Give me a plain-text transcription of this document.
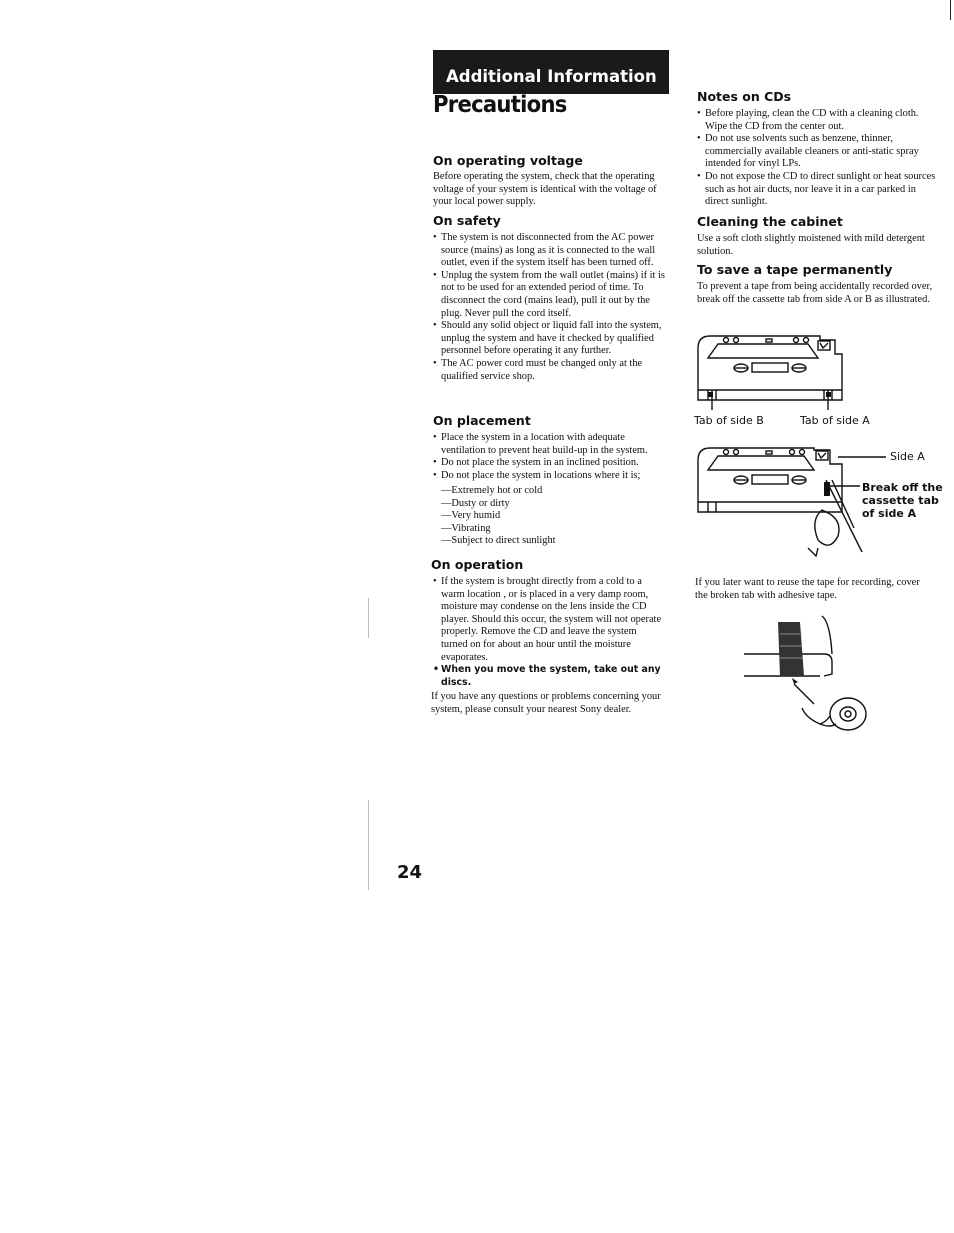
Additional Information
Precautions
On operating voltage
Before operating the system, check that the operating voltage of your system is identical with the voltage of your local power supply.
On safety
• The system is not disconnected from the AC power source (mains) as long as it is connected to the wall outlet, even if the system itself has been turned off.
• Unplug the system from the wall outlet (mains) if it is not to be used for an extended period of time. To disconnect the cord (mains lead), pull it out by the plug. Never pull the cord itself.
• Should any solid object or liquid fall into the system, unplug the system and have it checked by qualified personnel before operating it any further.
• The AC power cord must be changed only at the qualified service shop.
On placement
• Place the system in a location with adequate ventilation to prevent heat build-up in the system.
• Do not place the system in an inclined position.
• Do not place the system in locations where it is;
— Extremely hot or cold
— Dusty or dirty
— Very humid
— Vibrating
— Subject to direct sunlight
On operation
• If the system is brought directly from a cold to a warm location , or is placed in a very damp room, moisture may condense on the lens inside the CD player. Should this occur, the system will not operate properly. Remove the CD and leave the system turned on for about an hour until the moisture evaporates.
• When you move the system, take out any discs.
If you have any questions or problems concerning your system, please consult your nearest Sony dealer.
24
Notes on CDs
• Before playing, clean the CD with a cleaning cloth. Wipe the CD from the center out.
• Do not use solvents such as benzene, thinner, commercially available cleaners or anti-static spray intended for vinyl LPs.
• Do not expose the CD to direct sunlight or heat sources such as hot air ducts, nor leave it in a car parked in direct sunlight.
Cleaning the cabinet
Use a soft cloth slightly moistened with mild detergent solution.
To save a tape permanently
To prevent a tape from being accidentally recorded over, break off the cassette tab from side A or B as illustrated.
Tab of side B	Tab of side A
Side A
Break off the cassette tab of side A
If you later want to reuse the tape for recording, cover the broken tab with adhesive tape.
